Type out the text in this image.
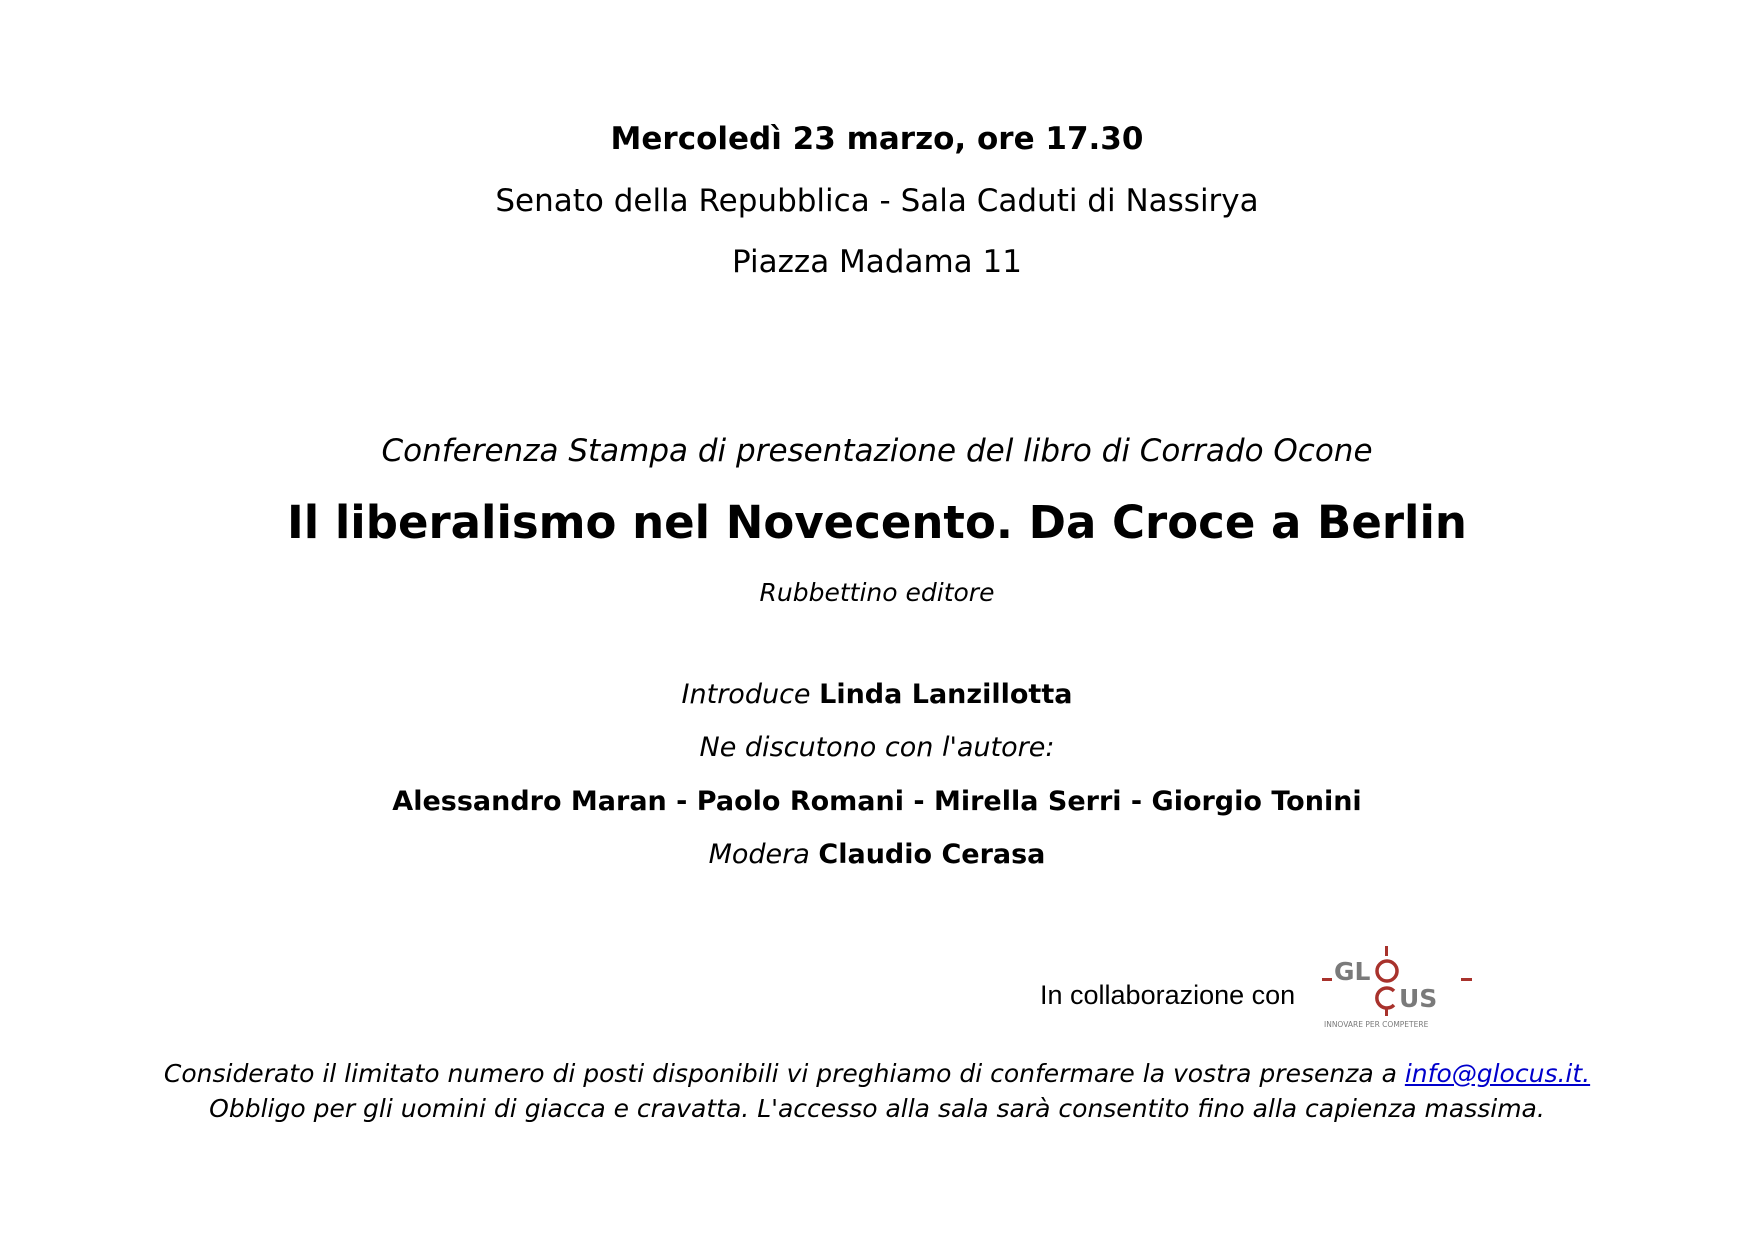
Mercoledì 23 marzo, ore 17.30
Senato della Repubblica - Sala Caduti di Nassirya
Piazza Madama 11
Conferenza Stampa di presentazione del libro di Corrado Ocone
Il liberalismo nel Novecento. Da Croce a Berlin
Rubbettino editore
Introduce Linda Lanzillotta
Ne discutono con l'autore:
Alessandro Maran - Paolo Romani - Mirella Serri - Giorgio Tonini
Modera Claudio Cerasa
In collaborazione con
GL
US
INNOVARE PER COMPETERE
Considerato il limitato numero di posti disponibili vi preghiamo di confermare la vostra presenza a info@glocus.it.
Obbligo per gli uomini di giacca e cravatta. L'accesso alla sala sarà consentito fino alla capienza massima.
